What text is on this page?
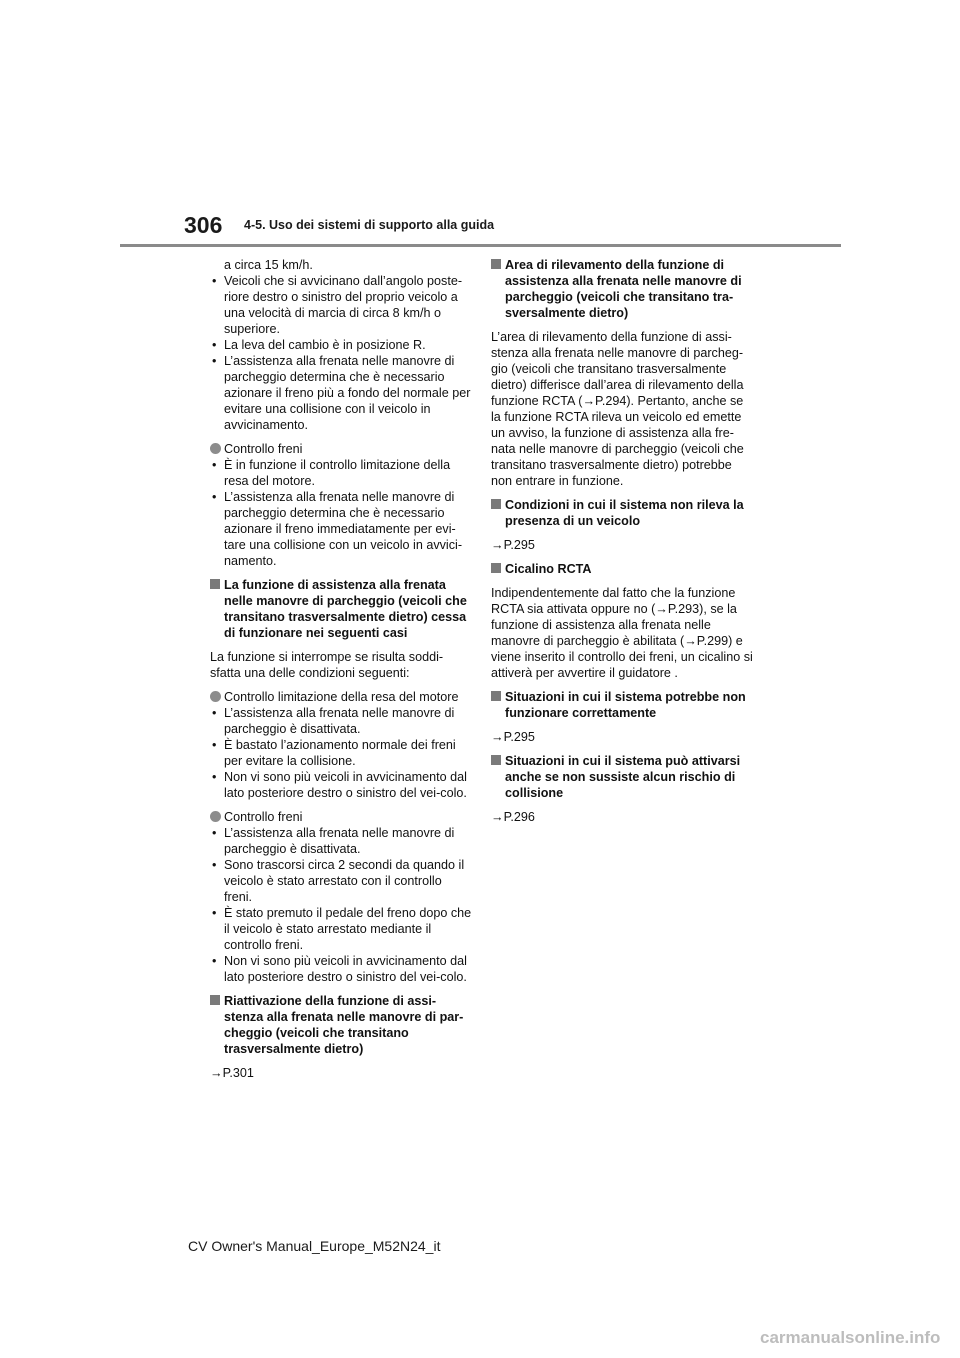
306 4-5. Uso dei sistemi di supporto alla guida
a circa 15 km/h.
• Veicoli che si avvicinano dall’angolo poste-riore destro o sinistro del proprio veicolo a una velocità di marcia di circa 8 km/h o superiore.
• La leva del cambio è in posizione R.
• L’assistenza alla frenata nelle manovre di parcheggio determina che è necessario azionare il freno più a fondo del normale per evitare una collisione con il veicolo in avvicinamento.
Controllo freni
• È in funzione il controllo limitazione della resa del motore.
• L’assistenza alla frenata nelle manovre di parcheggio determina che è necessario azionare il freno immediatamente per evi-tare una collisione con un veicolo in avvici-namento.
La funzione di assistenza alla frenata nelle manovre di parcheggio (veicoli che transitano trasversalmente dietro) cessa di funzionare nei seguenti casi
La funzione si interrompe se risulta soddi-sfatta una delle condizioni seguenti:
Controllo limitazione della resa del motore
• L’assistenza alla frenata nelle manovre di parcheggio è disattivata.
• È bastato l’azionamento normale dei freni per evitare la collisione.
• Non vi sono più veicoli in avvicinamento dal lato posteriore destro o sinistro del vei-colo.
Controllo freni
• L’assistenza alla frenata nelle manovre di parcheggio è disattivata.
• Sono trascorsi circa 2 secondi da quando il veicolo è stato arrestato con il controllo freni.
• È stato premuto il pedale del freno dopo che il veicolo è stato arrestato mediante il controllo freni.
• Non vi sono più veicoli in avvicinamento dal lato posteriore destro o sinistro del vei-colo.
Riattivazione della funzione di assi-stenza alla frenata nelle manovre di par-cheggio (veicoli che transitano trasversalmente dietro)
→P.301
Area di rilevamento della funzione di assistenza alla frenata nelle manovre di parcheggio (veicoli che transitano tra-sversalmente dietro)
L’area di rilevamento della funzione di assi-stenza alla frenata nelle manovre di parcheg-gio (veicoli che transitano trasversalmente dietro) differisce dall’area di rilevamento della funzione RCTA (→P.294). Pertanto, anche se la funzione RCTA rileva un veicolo ed emette un avviso, la funzione di assistenza alla fre-nata nelle manovre di parcheggio (veicoli che transitano trasversalmente dietro) potrebbe non entrare in funzione.
Condizioni in cui il sistema non rileva la presenza di un veicolo
→P.295
Cicalino RCTA
Indipendentemente dal fatto che la funzione RCTA sia attivata oppure no (→P.293), se la funzione di assistenza alla frenata nelle manovre di parcheggio è abilitata (→P.299) e viene inserito il controllo dei freni, un cicalino si attiverà per avvertire il guidatore .
Situazioni in cui il sistema potrebbe non funzionare correttamente
→P.295
Situazioni in cui il sistema può attivarsi anche se non sussiste alcun rischio di collisione
→P.296
CV Owner's Manual_Europe_M52N24_it
carmanualsonline.info
